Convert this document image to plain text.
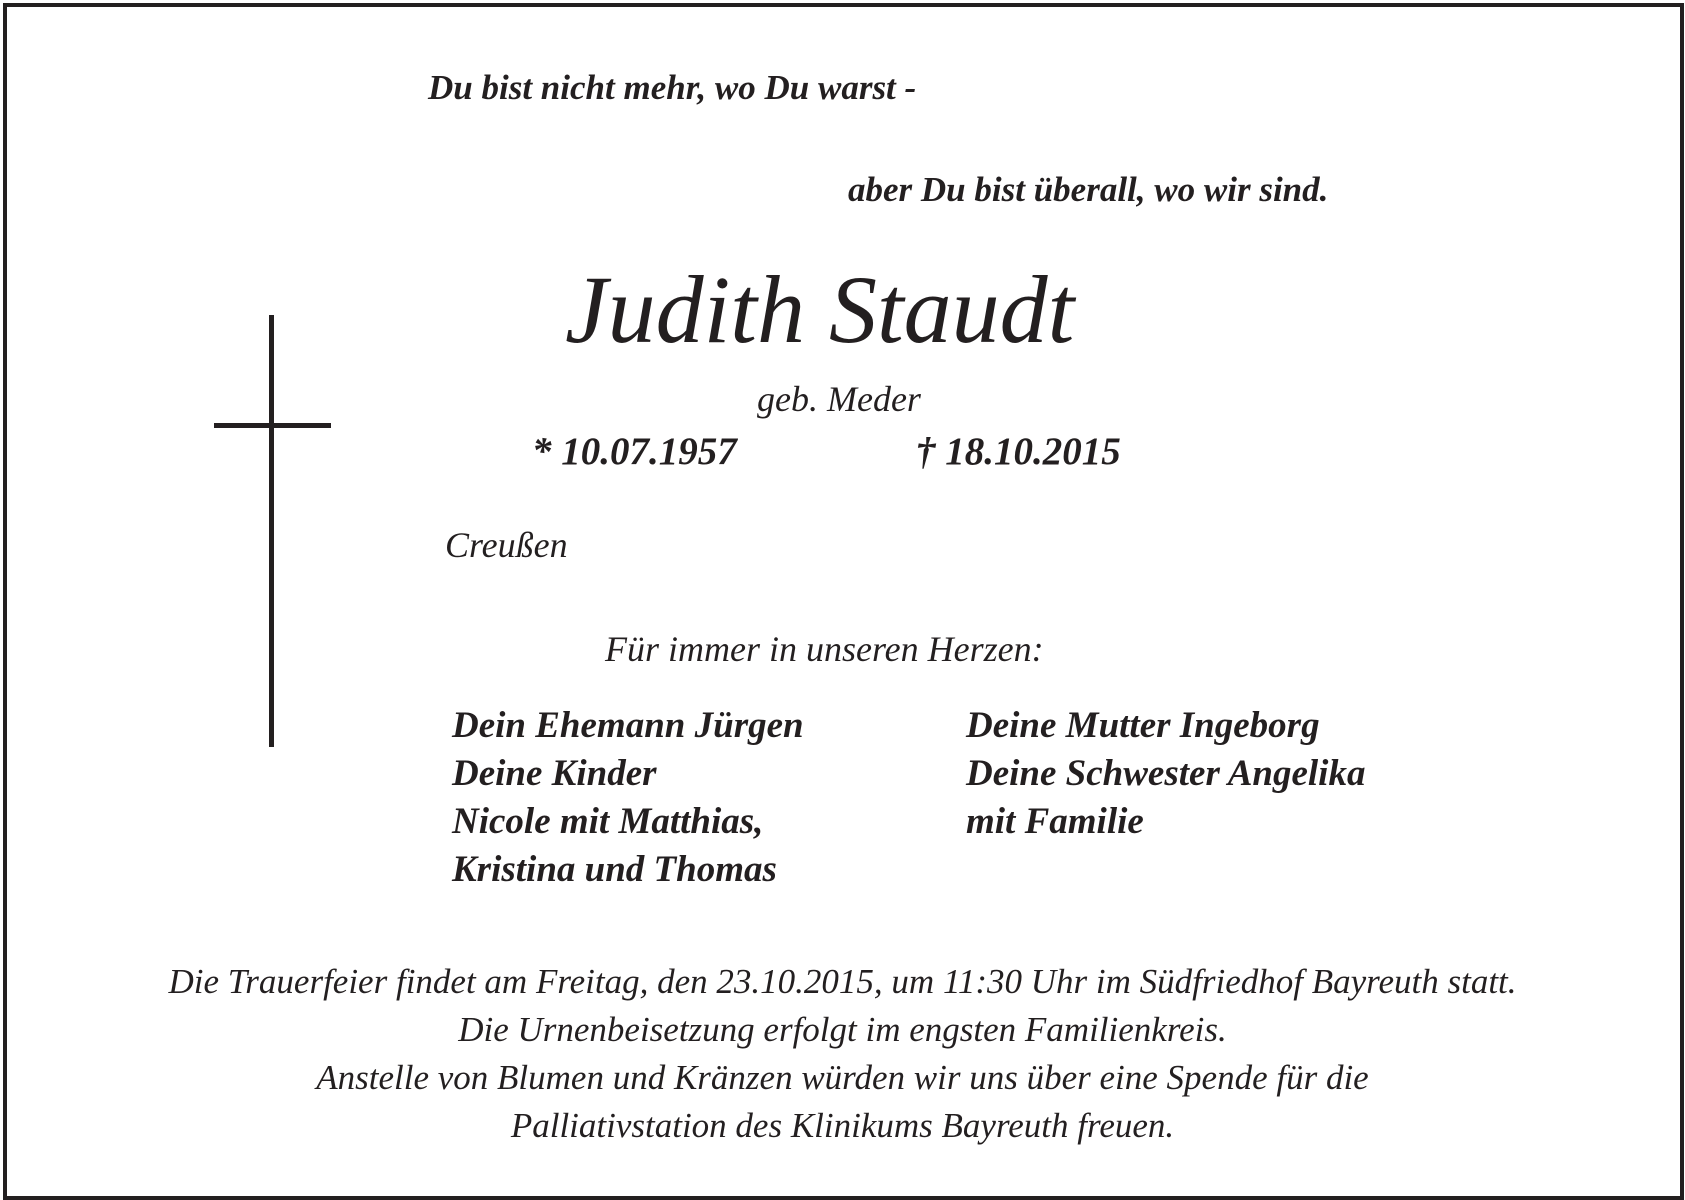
Du bist nicht mehr, wo Du warst -
aber Du bist überall, wo wir sind.
Judith Staudt
geb. Meder
* 10.07.1957	† 18.10.2015
Creußen
Für immer in unseren Herzen:
Dein Ehemann Jürgen
Deine Kinder
Nicole mit Matthias,
Kristina und Thomas
Deine Mutter Ingeborg
Deine Schwester Angelika
mit Familie
Die Trauerfeier findet am Freitag, den 23.10.2015, um 11:30 Uhr im Südfriedhof Bayreuth statt.
Die Urnenbeisetzung erfolgt im engsten Familienkreis.
Anstelle von Blumen und Kränzen würden wir uns über eine Spende für die
Palliativstation des Klinikums Bayreuth freuen.
